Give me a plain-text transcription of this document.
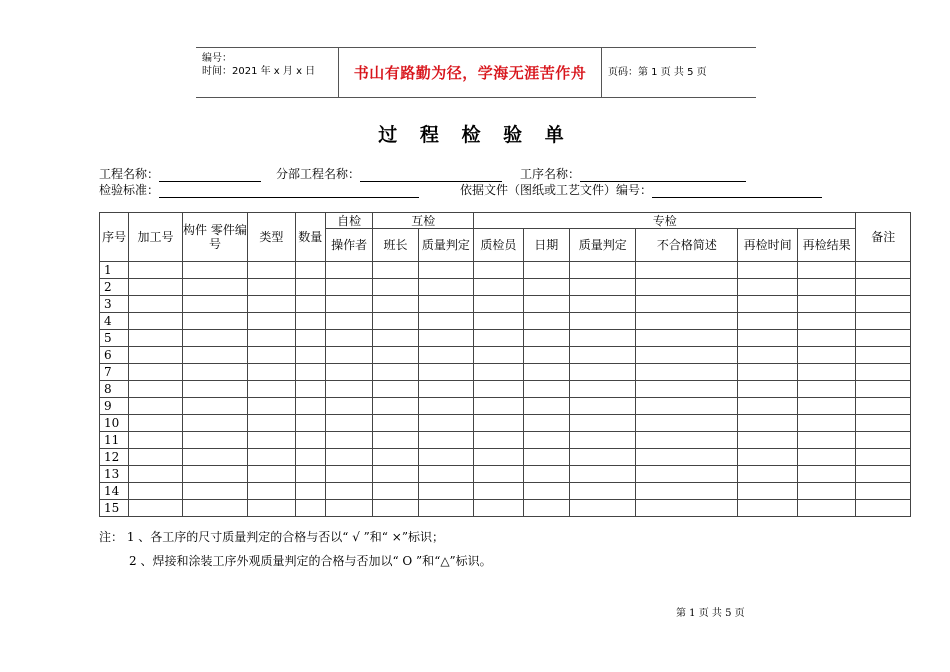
编号：
时间：2021 年 x 月 x 日	书山有路勤为径，学海无涯苦作舟 页码：第 1 页 共 5 页
过 程 检 验 单
工程名称：	分部工程名称：	工序名称：
检验标准：	依据文件（图纸或工艺文件）编号：
序号	加工号	构件 零件编 号	类型	数量	自检	互检		专检						备注
					操作者	班长	质量判定	质检员	日期	质量判定	不合格简述	再检时间	再检结果	
1														
2														
3														
4														
5														
6														
7														
8														
9														
10														
11														
12														
13														
14														
15														
注： 1 、各工序的尺寸质量判定的合格与否以“ √ ”和“ ×”标识；
2 、焊接和涂装工序外观质量判定的合格与否加以“ O ”和“△”标识。
第 1 页 共 5 页
